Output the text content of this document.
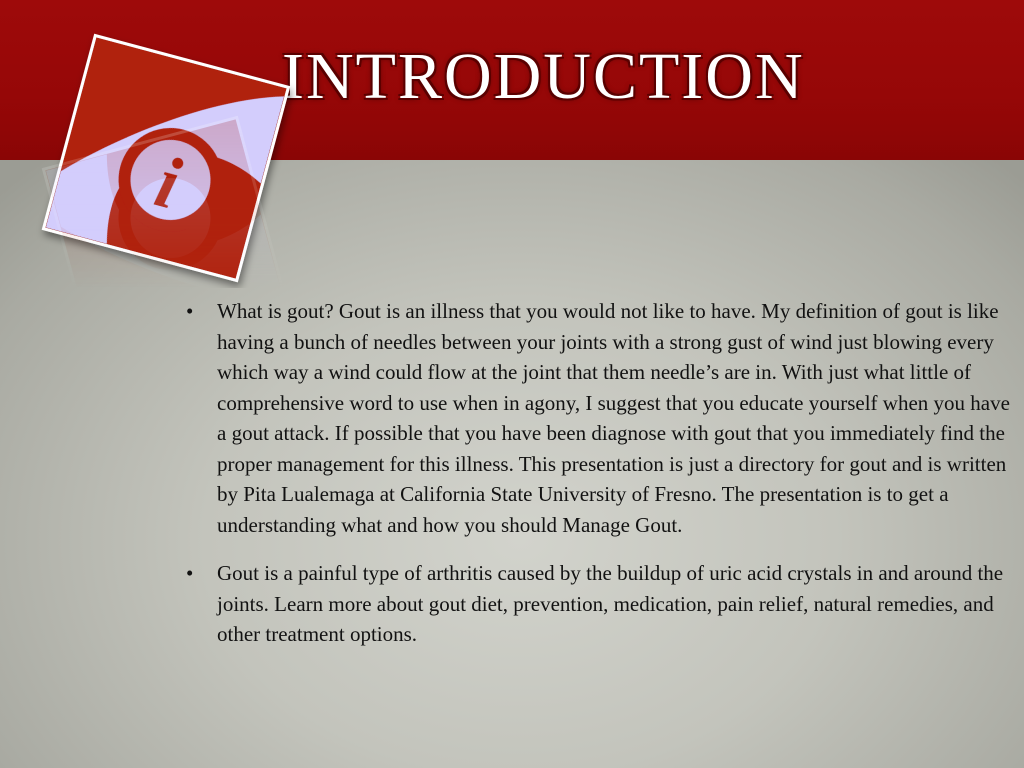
INTRODUCTION
• What is gout? Gout is an illness that you would not like to have. My definition of gout is like having a bunch of needles between your joints with a strong gust of wind just blowing every which way a wind could flow at the joint that them needle’s are in. With just what little of comprehensive word to use when in agony, I suggest that you educate yourself when you have a gout attack. If possible that you have been diagnose with gout that you immediately find the proper management for this illness. This presentation is just a directory for gout and is written by Pita Lualemaga at California State University of Fresno. The presentation is to get a understanding what and how you should Manage Gout.
• Gout is a painful type of arthritis caused by the buildup of uric acid crystals in and around the joints. Learn more about gout diet, prevention, medication, pain relief, natural remedies, and other treatment options.
